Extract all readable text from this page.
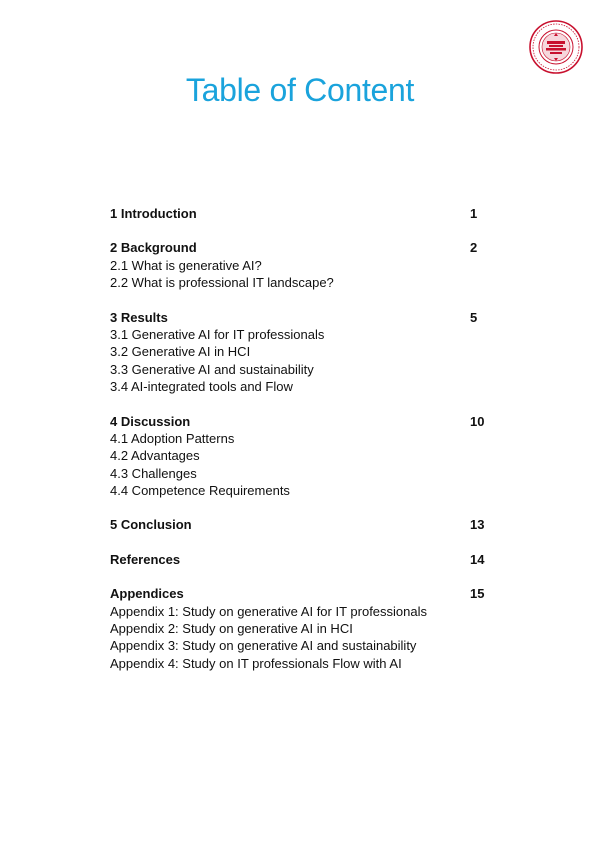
Table of Content
1 Introduction	1
2 Background	2
2.1 What is generative AI?
2.2 What is professional IT landscape?
3 Results	5
3.1 Generative AI for IT professionals
3.2 Generative AI in HCI
3.3 Generative AI and sustainability
3.4 AI-integrated tools and Flow
4 Discussion	10
4.1 Adoption Patterns
4.2 Advantages
4.3 Challenges
4.4 Competence Requirements
5 Conclusion	13
References	14
Appendices	15
Appendix 1: Study on generative AI for IT professionals
Appendix 2: Study on generative AI in HCI
Appendix 3: Study on generative AI and sustainability
Appendix 4: Study on IT professionals Flow with AI
